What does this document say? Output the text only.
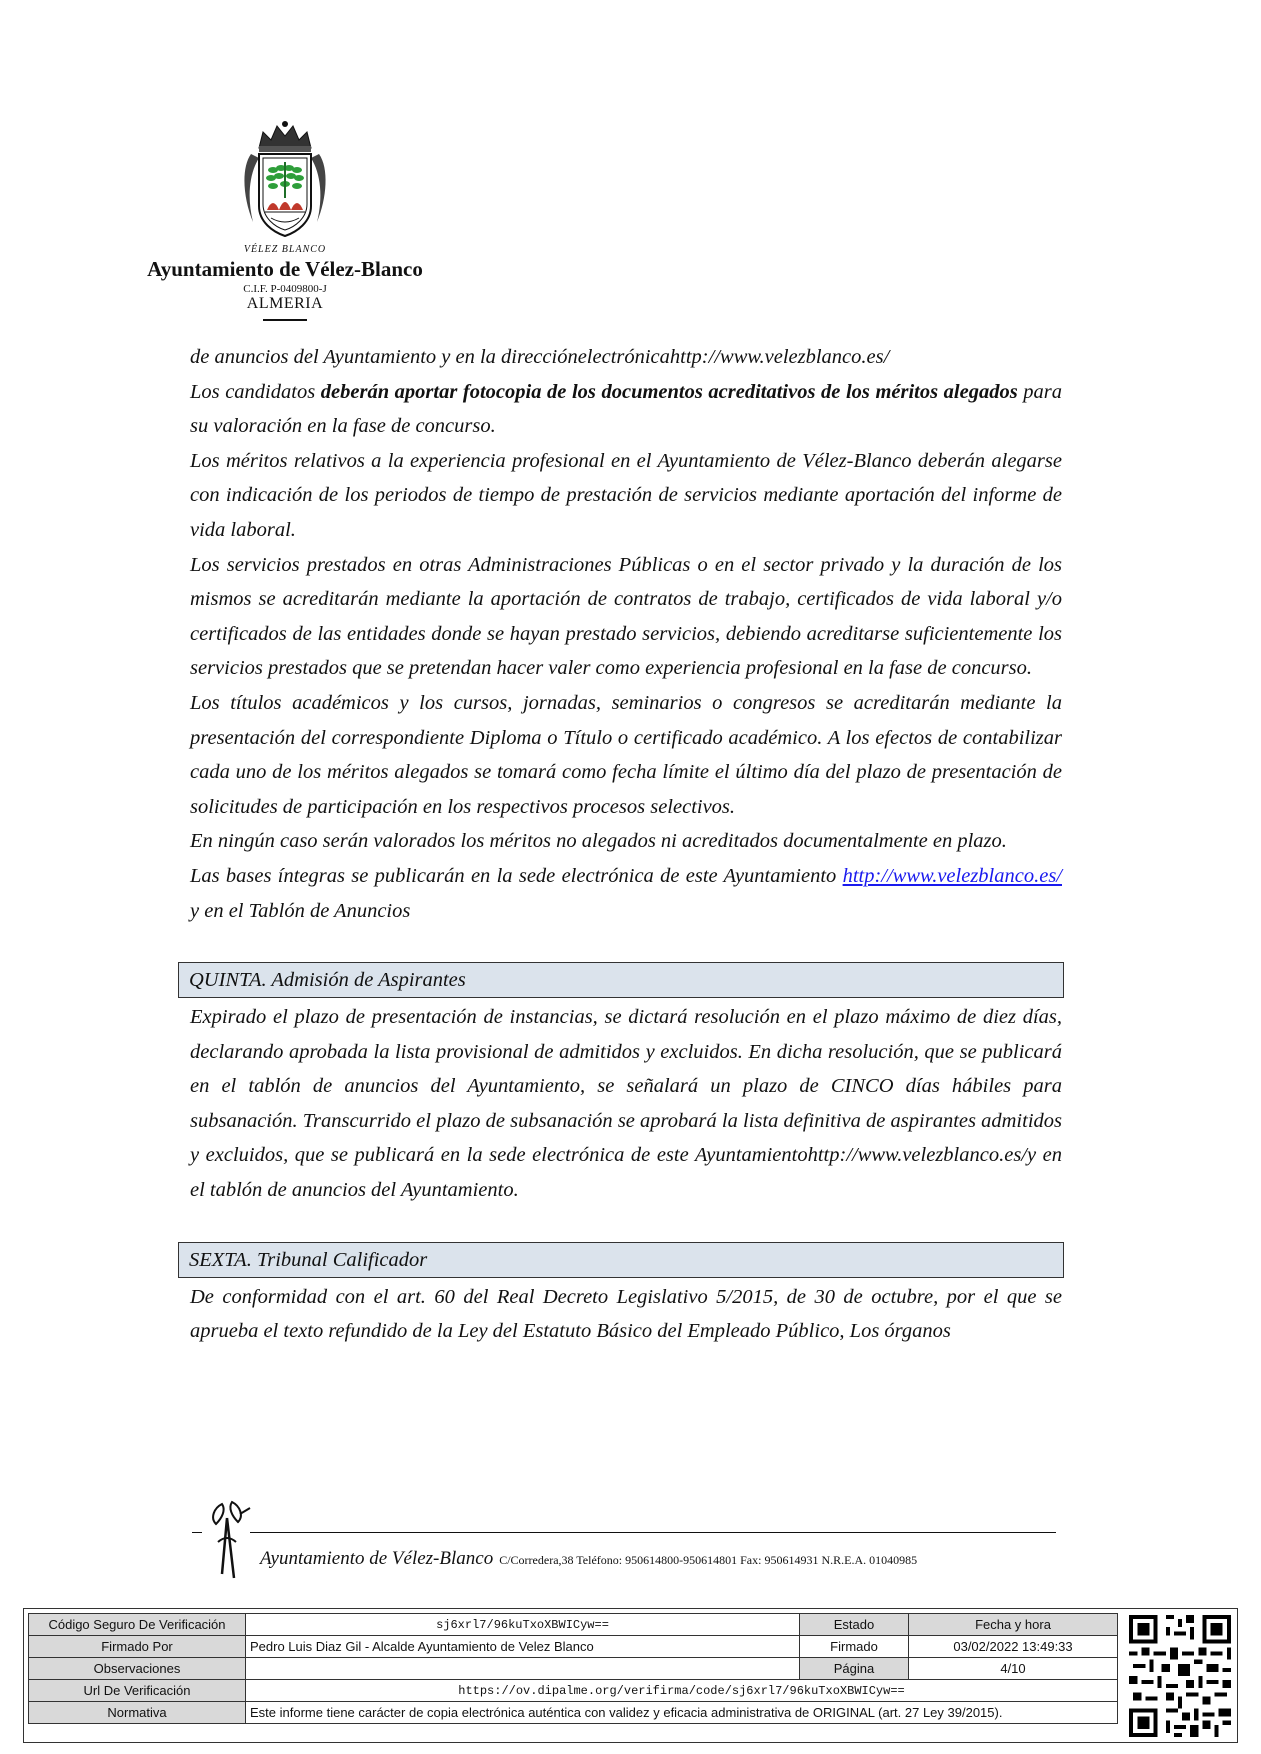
VÉLEZ BLANCO
Ayuntamiento de Vélez-Blanco
C.I.F. P-0409800-J
ALMERIA

de anuncios del Ayuntamiento y en la direcciónelectrónicahttp://www.velezblanco.es/

Los candidatos deberán aportar fotocopia de los documentos acreditativos de los méritos alegados para su valoración en la fase de concurso.

Los méritos relativos a la experiencia profesional en el Ayuntamiento de Vélez-Blanco deberán alegarse con indicación de los periodos de tiempo de prestación de servicios mediante aportación del informe de vida laboral.

Los servicios prestados en otras Administraciones Públicas o en el sector privado y la duración de los mismos se acreditarán mediante la aportación de contratos de trabajo, certificados de vida laboral y/o certificados de las entidades donde se hayan prestado servicios, debiendo acreditarse suficientemente los servicios prestados que se pretendan hacer valer como experiencia profesional en la fase de concurso.

Los títulos académicos y los cursos, jornadas, seminarios o congresos se acreditarán mediante la presentación del correspondiente Diploma o Título o certificado académico. A los efectos de contabilizar cada uno de los méritos alegados se tomará como fecha límite el último día del plazo de presentación de solicitudes de participación en los respectivos procesos selectivos.

En ningún caso serán valorados los méritos no alegados ni acreditados documentalmente en plazo.

Las bases íntegras se publicarán en la sede electrónica de este Ayuntamiento http://www.velezblanco.es/ y en el Tablón de Anuncios

QUINTA. Admisión de Aspirantes

Expirado el plazo de presentación de instancias, se dictará resolución en el plazo máximo de diez días, declarando aprobada la lista provisional de admitidos y excluidos. En dicha resolución, que se publicará en el tablón de anuncios del Ayuntamiento, se señalará un plazo de CINCO días hábiles para subsanación. Transcurrido el plazo de subsanación se aprobará la lista definitiva de aspirantes admitidos y excluidos, que se publicará en la sede electrónica de este Ayuntamientohttp://www.velezblanco.es/y en el tablón de anuncios del Ayuntamiento.

SEXTA. Tribunal Calificador

De conformidad con el art. 60 del Real Decreto Legislativo 5/2015, de 30 de octubre, por el que se aprueba el texto refundido de la Ley del Estatuto Básico del Empleado Público, Los órganos

Ayuntamiento de Vélez-Blanco C/Corredera,38 Teléfono: 950614800-950614801 Fax: 950614931 N.R.E.A. 01040985
Código Seguro De Verificación	sj6xrl7/96kuTxoXBWICyw==	Estado	Fecha y hora
Firmado Por	Pedro Luis Diaz Gil - Alcalde Ayuntamiento de Velez Blanco	Firmado	03/02/2022 13:49:33
Observaciones		Página	4/10
Url De Verificación	https://ov.dipalme.org/verifirma/code/sj6xrl7/96kuTxoXBWICyw==		
Normativa	Este informe tiene carácter de copia electrónica auténtica con validez y eficacia administrativa de ORIGINAL (art. 27 Ley 39/2015).		
